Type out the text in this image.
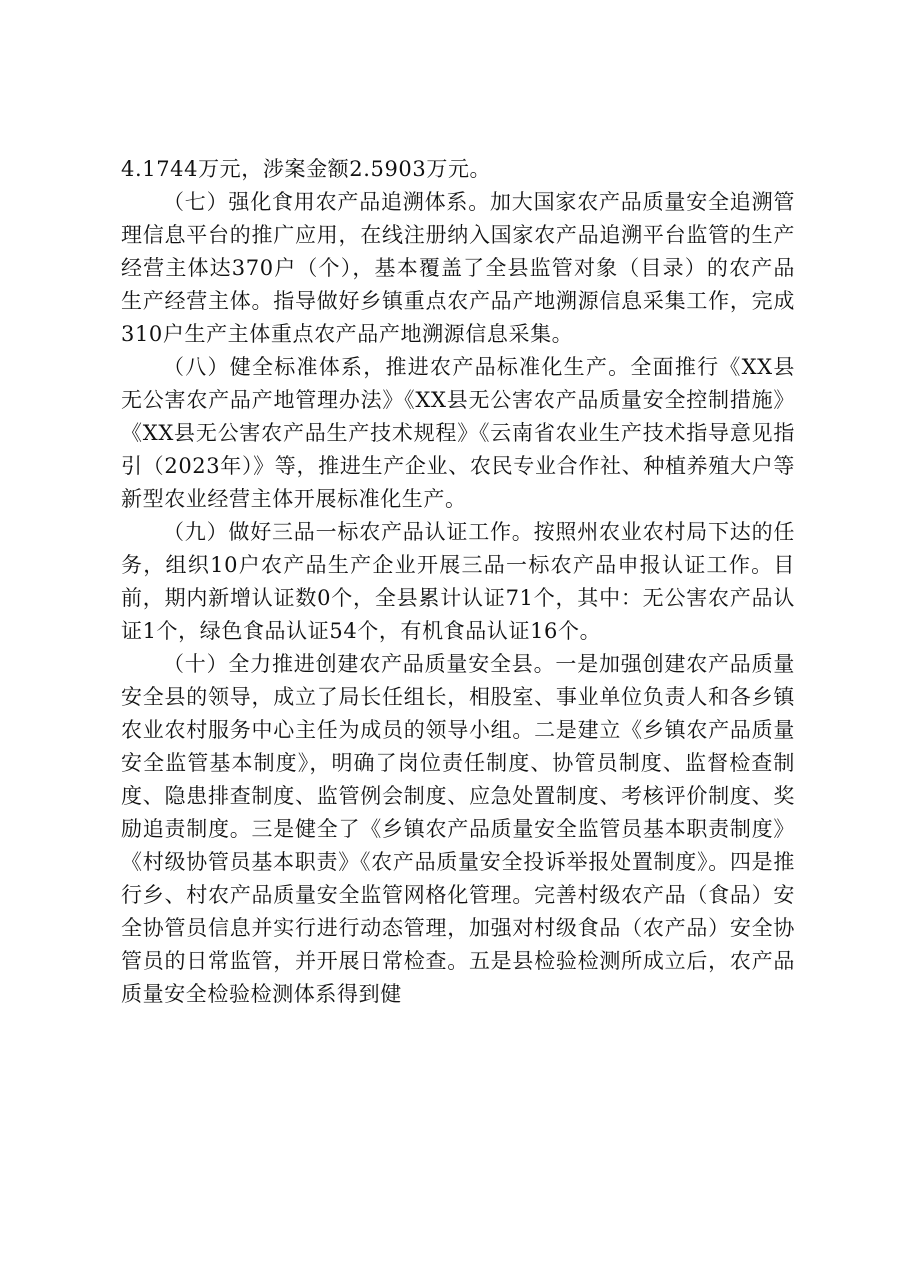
4.1744万元，涉案金额2.5903万元。

（七）强化食用农产品追溯体系。加大国家农产品质量安全追溯管理信息平台的推广应用，在线注册纳入国家农产品追溯平台监管的生产经营主体达370户（个），基本覆盖了全县监管对象（目录）的农产品生产经营主体。指导做好乡镇重点农产品产地溯源信息采集工作，完成310户生产主体重点农产品产地溯源信息采集。

（八）健全标准体系，推进农产品标准化生产。全面推行《XX县无公害农产品产地管理办法》《XX县无公害农产品质量安全控制措施》《XX县无公害农产品生产技术规程》《云南省农业生产技术指导意见指引（2023年）》等，推进生产企业、农民专业合作社、种植养殖大户等新型农业经营主体开展标准化生产。

（九）做好三品一标农产品认证工作。按照州农业农村局下达的任务，组织10户农产品生产企业开展三品一标农产品申报认证工作。目前，期内新增认证数0个，全县累计认证71个，其中：无公害农产品认证1个，绿色食品认证54个，有机食品认证16个。

（十）全力推进创建农产品质量安全县。一是加强创建农产品质量安全县的领导，成立了局长任组长，相股室、事业单位负责人和各乡镇农业农村服务中心主任为成员的领导小组。二是建立《乡镇农产品质量安全监管基本制度》，明确了岗位责任制度、协管员制度、监督检查制度、隐患排查制度、监管例会制度、应急处置制度、考核评价制度、奖励追责制度。三是健全了《乡镇农产品质量安全监管员基本职责制度》《村级协管员基本职责》《农产品质量安全投诉举报处置制度》。四是推行乡、村农产品质量安全监管网格化管理。完善村级农产品（食品）安全协管员信息并实行进行动态管理，加强对村级食品（农产品）安全协管员的日常监管，并开展日常检查。五是县检验检测所成立后，农产品质量安全检验检测体系得到健
